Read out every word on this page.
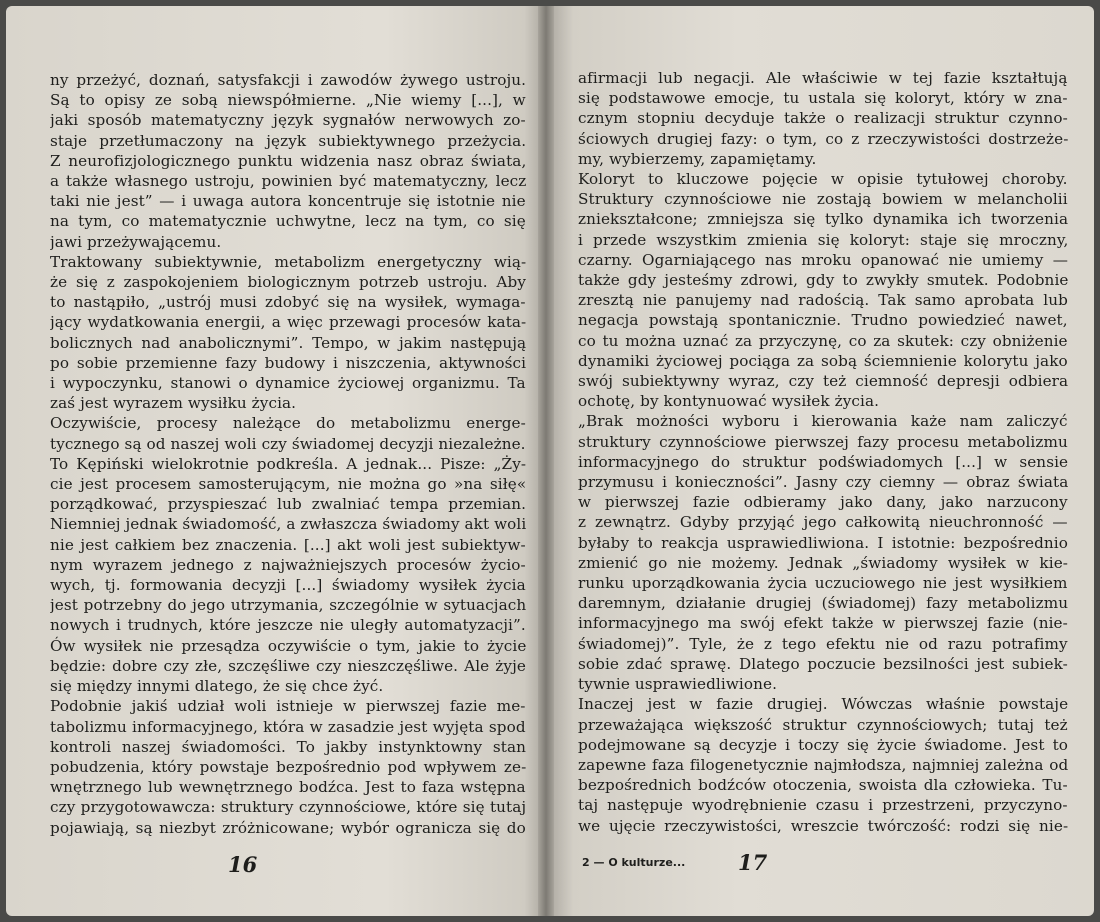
ny przeżyć, doznań, satysfakcji i zawodów żywego ustroju.
Są to opisy ze sobą niewspółmierne. „Nie wiemy [...], w
jaki sposób matematyczny język sygnałów nerwowych zo-
staje przetłumaczony na język subiektywnego przeżycia.
Z neurofizjologicznego punktu widzenia nasz obraz świata,
a także własnego ustroju, powinien być matematyczny, lecz
taki nie jest” — i uwaga autora koncentruje się istotnie nie
na tym, co matematycznie uchwytne, lecz na tym, co się
jawi przeżywającemu.
Traktowany subiektywnie, metabolizm energetyczny wią-
że się z zaspokojeniem biologicznym potrzeb ustroju. Aby
to nastąpiło, „ustrój musi zdobyć się na wysiłek, wymaga-
jący wydatkowania energii, a więc przewagi procesów kata-
bolicznych nad anabolicznymi”. Tempo, w jakim następują
po sobie przemienne fazy budowy i niszczenia, aktywności
i wypoczynku, stanowi o dynamice życiowej organizmu. Ta
zaś jest wyrazem wysiłku życia.
Oczywiście, procesy należące do metabolizmu energe-
tycznego są od naszej woli czy świadomej decyzji niezależne.
To Kępiński wielokrotnie podkreśla. A jednak... Pisze: „Ży-
cie jest procesem samosterującym, nie można go »na siłę«
porządkować, przyspieszać lub zwalniać tempa przemian.
Niemniej jednak świadomość, a zwłaszcza świadomy akt woli
nie jest całkiem bez znaczenia. [...] akt woli jest subiektyw-
nym wyrazem jednego z najważniejszych procesów życio-
wych, tj. formowania decyzji [...] świadomy wysiłek życia
jest potrzebny do jego utrzymania, szczególnie w sytuacjach
nowych i trudnych, które jeszcze nie uległy automatyzacji”.
Ów wysiłek nie przesądza oczywiście o tym, jakie to życie
będzie: dobre czy złe, szczęśliwe czy nieszczęśliwe. Ale żyje
się między innymi dlatego, że się chce żyć.
Podobnie jakiś udział woli istnieje w pierwszej fazie me-
tabolizmu informacyjnego, która w zasadzie jest wyjęta spod
kontroli naszej świadomości. To jakby instynktowny stan
pobudzenia, który powstaje bezpośrednio pod wpływem ze-
wnętrznego lub wewnętrznego bodźca. Jest to faza wstępna
czy przygotowawcza: struktury czynnościowe, które się tutaj
pojawiają, są niezbyt zróżnicowane; wybór ogranicza się do
16
afirmacji lub negacji. Ale właściwie w tej fazie kształtują
się podstawowe emocje, tu ustala się koloryt, który w zna-
cznym stopniu decyduje także o realizacji struktur czynno-
ściowych drugiej fazy: o tym, co z rzeczywistości dostrzeże-
my, wybierzemy, zapamiętamy.
Koloryt to kluczowe pojęcie w opisie tytułowej choroby.
Struktury czynnościowe nie zostają bowiem w melancholii
zniekształcone; zmniejsza się tylko dynamika ich tworzenia
i przede wszystkim zmienia się koloryt: staje się mroczny,
czarny. Ogarniającego nas mroku opanować nie umiemy —
także gdy jesteśmy zdrowi, gdy to zwykły smutek. Podobnie
zresztą nie panujemy nad radością. Tak samo aprobata lub
negacja powstają spontanicznie. Trudno powiedzieć nawet,
co tu można uznać za przyczynę, co za skutek: czy obniżenie
dynamiki życiowej pociąga za sobą ściemnienie kolorytu jako
swój subiektywny wyraz, czy też ciemność depresji odbiera
ochotę, by kontynuować wysiłek życia.
„Brak możności wyboru i kierowania każe nam zaliczyć
struktury czynnościowe pierwszej fazy procesu metabolizmu
informacyjnego do struktur podświadomych [...] w sensie
przymusu i konieczności”. Jasny czy ciemny — obraz świata
w pierwszej fazie odbieramy jako dany, jako narzucony
z zewnątrz. Gdyby przyjąć jego całkowitą nieuchronność —
byłaby to reakcja usprawiedliwiona. I istotnie: bezpośrednio
zmienić go nie możemy. Jednak „świadomy wysiłek w kie-
runku uporządkowania życia uczuciowego nie jest wysiłkiem
daremnym, działanie drugiej (świadomej) fazy metabolizmu
informacyjnego ma swój efekt także w pierwszej fazie (nie-
świadomej)”. Tyle, że z tego efektu nie od razu potrafimy
sobie zdać sprawę. Dlatego poczucie bezsilności jest subiek-
tywnie usprawiedliwione.
Inaczej jest w fazie drugiej. Wówczas właśnie powstaje
przeważająca większość struktur czynnościowych; tutaj też
podejmowane są decyzje i toczy się życie świadome. Jest to
zapewne faza filogenetycznie najmłodsza, najmniej zależna od
bezpośrednich bodźców otoczenia, swoista dla człowieka. Tu-
taj następuje wyodrębnienie czasu i przestrzeni, przyczyno-
we ujęcie rzeczywistości, wreszcie twórczość: rodzi się nie-
2 — O kulturze...	17
